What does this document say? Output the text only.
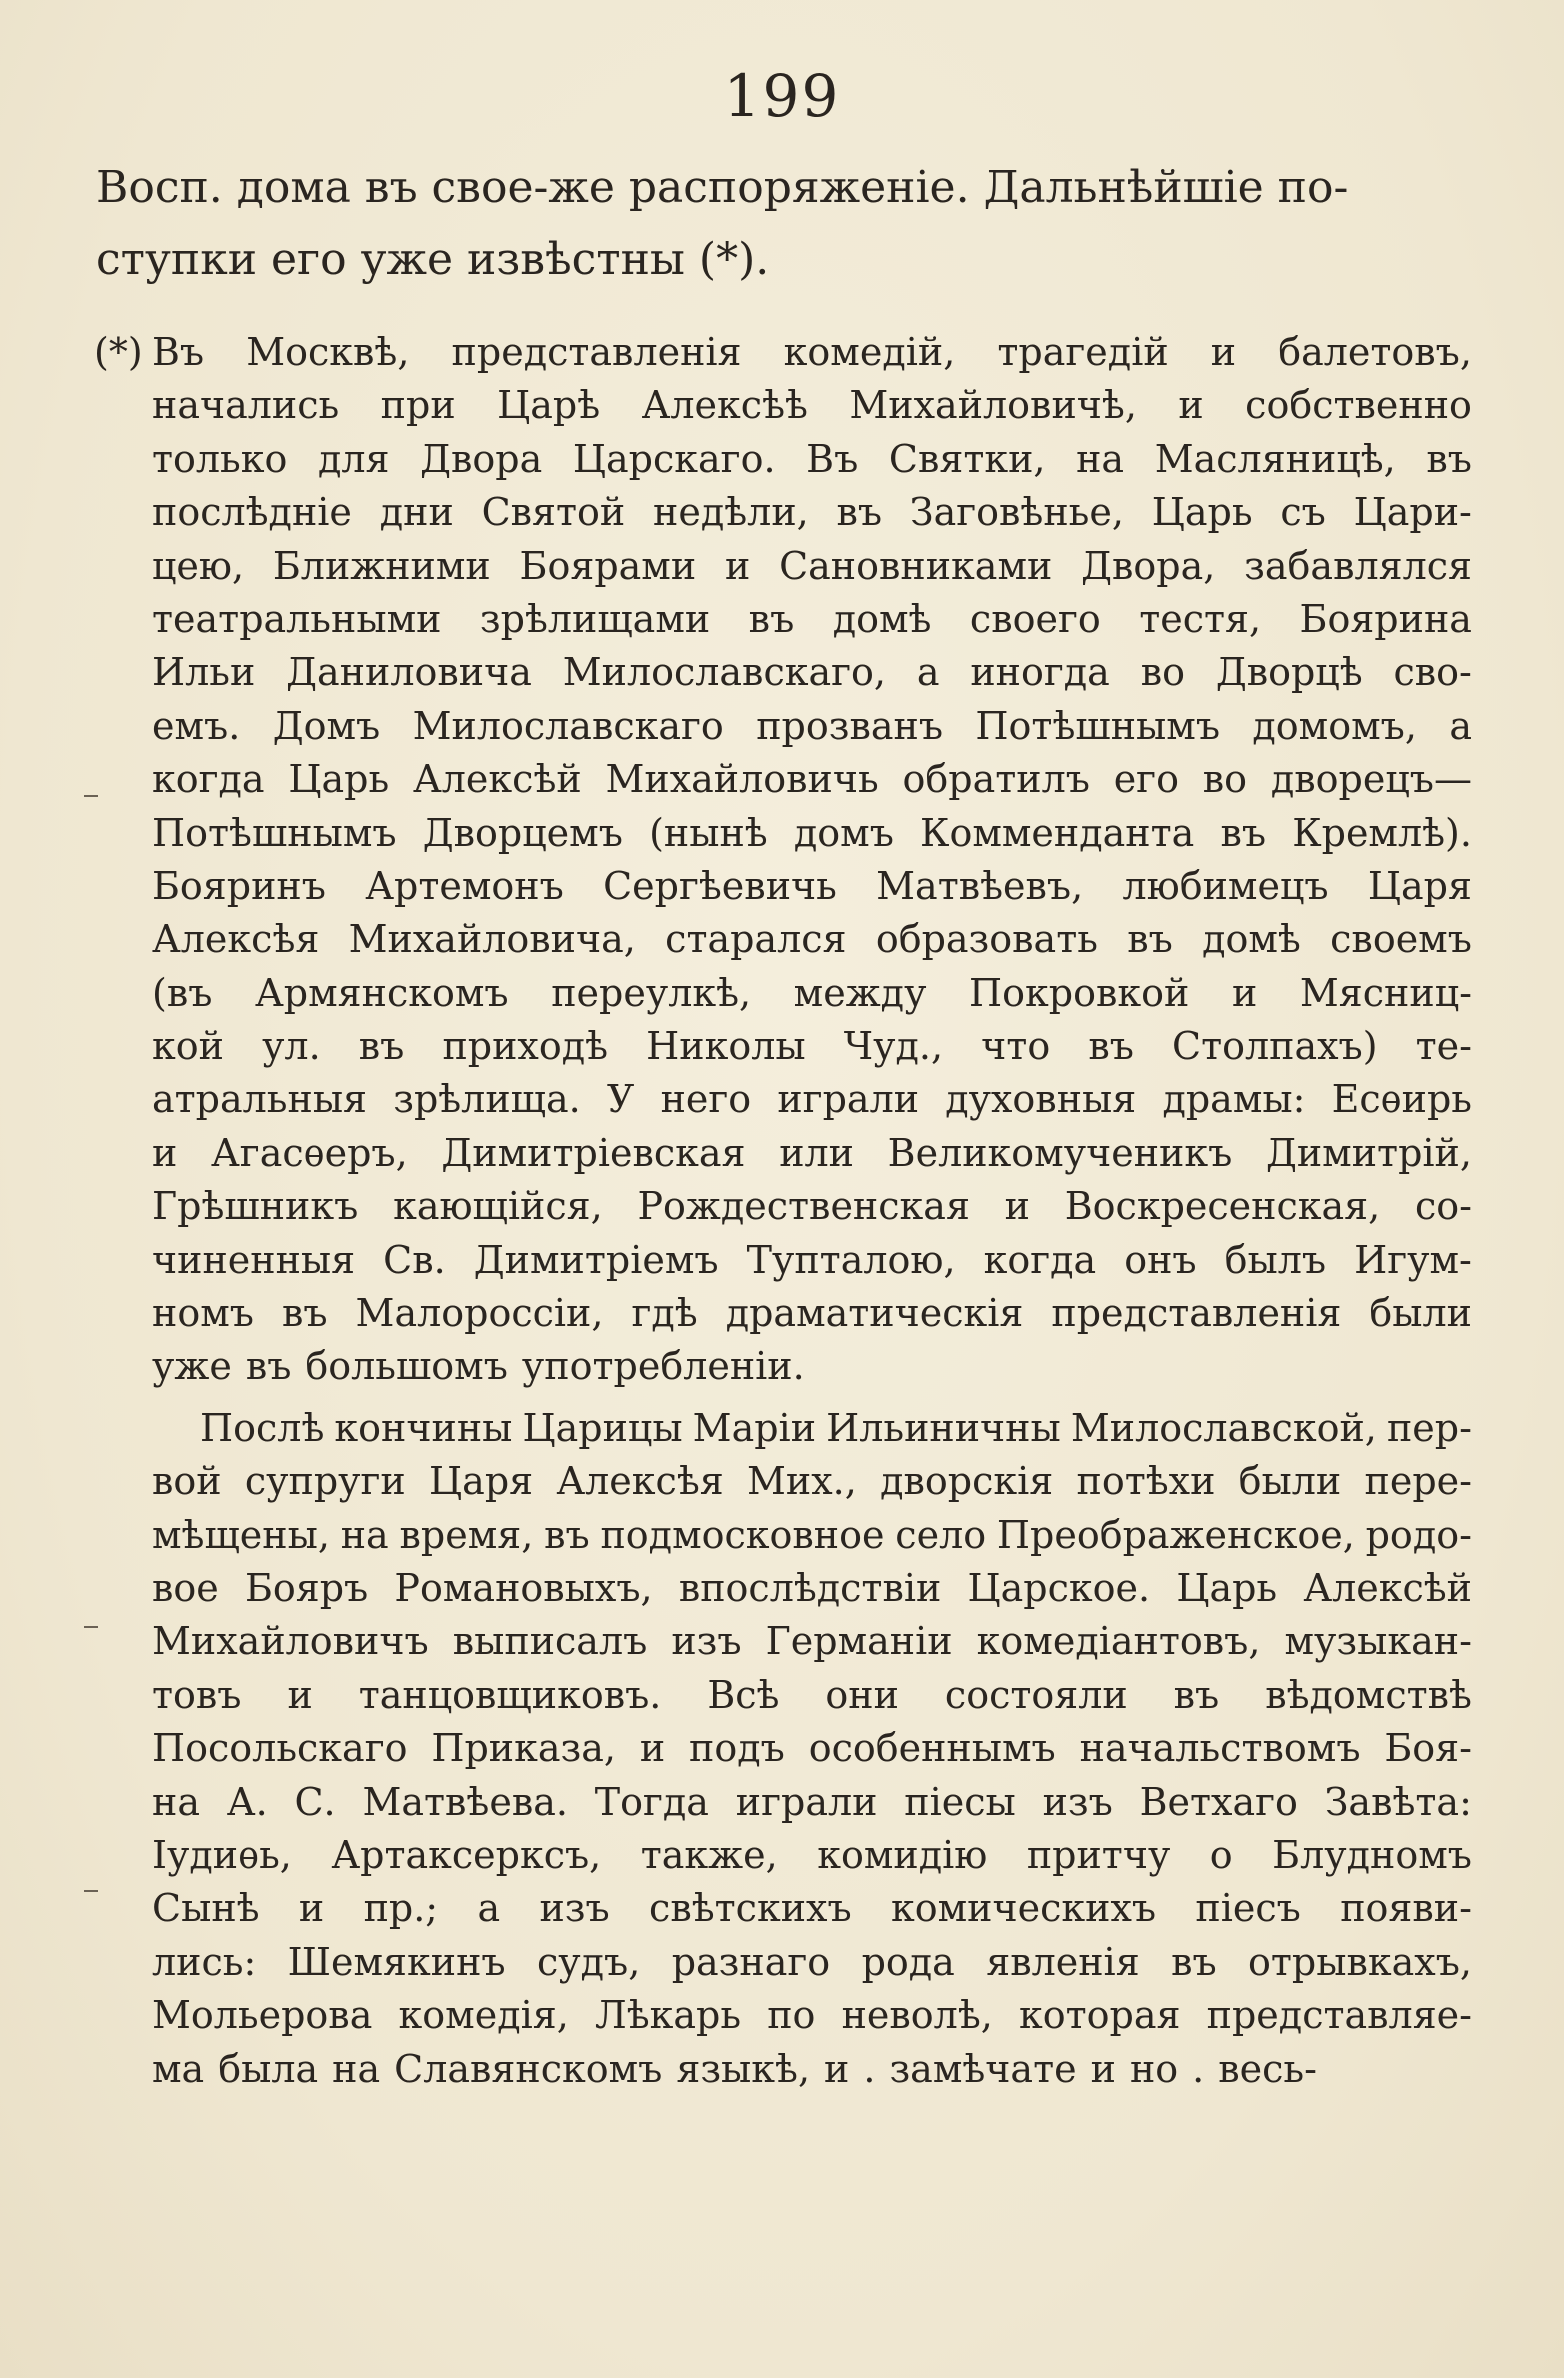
199
Восп. дома въ свое-же распоряженіе. Дальнѣйшіе по-
ступки его уже извѣстны (*).
(*) Въ Москвѣ, представленія комедій, трагедій и балетовъ,
начались при Царѣ Алексѣѣ Михайловичѣ, и собственно
только для Двора Царскаго. Въ Святки, на Масляницѣ, въ
послѣдніе дни Святой недѣли, въ Заговѣнье, Царь съ Цари-
цею, Ближними Боярами и Сановниками Двора, забавлялся
театральными зрѣлищами въ домѣ своего тестя, Боярина
Ильи Даниловича Милославскаго, а иногда во Дворцѣ сво-
емъ. Домъ Милославскаго прозванъ Потѣшнымъ домомъ, а
когда Царь Алексѣй Михайловичь обратилъ его во дворецъ—
Потѣшнымъ Дворцемъ (нынѣ домъ Коммендантa въ Кремлѣ).
Бояринъ Артемонъ Сергѣевичь Матвѣевъ, любимецъ Царя
Алексѣя Михайловича, старался образовать въ домѣ своемъ
(въ Армянскомъ переулкѣ, между Покровкой и Мясниц-
кой ул. въ приходѣ Николы Чуд., что въ Столпахъ) те-
атральныя зрѣлища. У него играли духовныя драмы: Есѳирь
и Агасѳеръ, Димитріевская или Великомученикъ Димитрій,
Грѣшникъ кающійся, Рождественская и Воскресенская, со-
чиненныя Св. Димитріемъ Туптaлою, когда онъ былъ Игум-
номъ въ Малороссіи, гдѣ драматическія представленія были
уже въ большомъ употребленіи.
Послѣ кончины Царицы Маріи Ильиничны Милославской, пер-
вой супруги Царя Алексѣя Мих., дворскія потѣхи были пере-
мѣщены, на время, въ подмосковное село Преображенское, родо-
вое Бояръ Романовыхъ, впослѣдствіи Царское. Царь Алексѣй
Михайловичъ выписалъ изъ Германіи комедіантовъ, музыкан-
товъ и танцовщиковъ. Всѣ они состояли въ вѣдомствѣ
Посольскаго Приказа, и подъ особеннымъ начальствомъ Боя-
на А. С. Матвѣева. Тогда играли піесы изъ Ветхаго Завѣта:
Іудиѳь, Артаксерксъ, также, комидію притчу о Блудномъ
Сынѣ и пр.; а изъ свѣтскихъ комическихъ піесъ появи-
лись: Шемякинъ судъ, разнаго рода явленія въ отрывкахъ,
Мольерова комедія, Лѣкарь по неволѣ, которая представляе-
ма была на Славянскомъ языкѣ, и . замѣчате и но . весь-
